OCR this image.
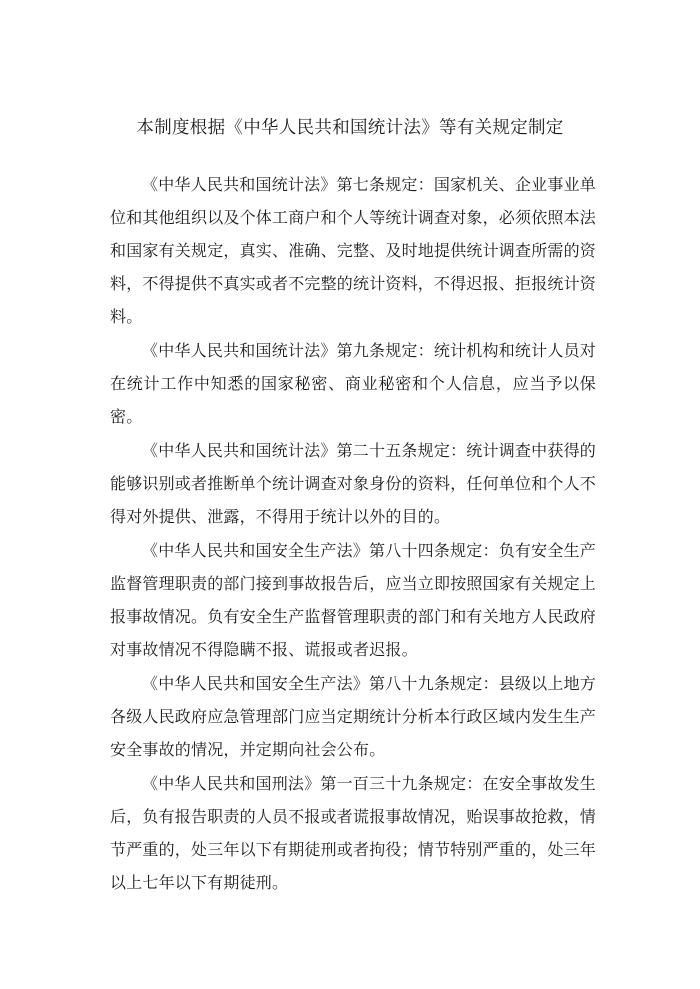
本制度根据《中华人民共和国统计法》等有关规定制定

《中华人民共和国统计法》第七条规定：国家机关、企业事业单位和其他组织以及个体工商户和个人等统计调查对象，必须依照本法和国家有关规定，真实、准确、完整、及时地提供统计调查所需的资料，不得提供不真实或者不完整的统计资料，不得迟报、拒报统计资料。

《中华人民共和国统计法》第九条规定：统计机构和统计人员对在统计工作中知悉的国家秘密、商业秘密和个人信息，应当予以保密。

《中华人民共和国统计法》第二十五条规定：统计调查中获得的能够识别或者推断单个统计调查对象身份的资料，任何单位和个人不得对外提供、泄露，不得用于统计以外的目的。

《中华人民共和国安全生产法》第八十四条规定：负有安全生产监督管理职责的部门接到事故报告后，应当立即按照国家有关规定上报事故情况。负有安全生产监督管理职责的部门和有关地方人民政府对事故情况不得隐瞒不报、谎报或者迟报。

《中华人民共和国安全生产法》第八十九条规定：县级以上地方各级人民政府应急管理部门应当定期统计分析本行政区域内发生生产安全事故的情况，并定期向社会公布。

《中华人民共和国刑法》第一百三十九条规定：在安全事故发生后，负有报告职责的人员不报或者谎报事故情况，贻误事故抢救，情节严重的，处三年以下有期徒刑或者拘役；情节特别严重的，处三年以上七年以下有期徒刑。
